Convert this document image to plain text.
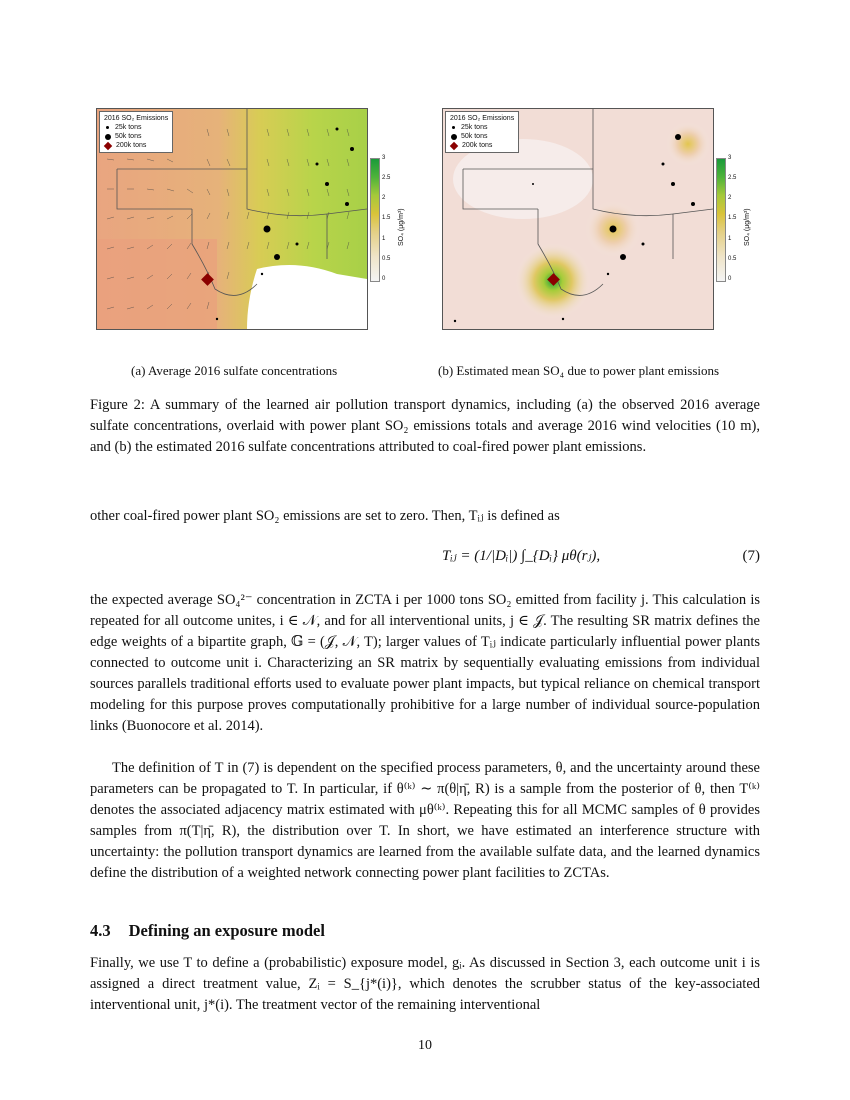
2016 SO₂ Emissions
25k tons
50k tons
200k tons
3
2.5
2
1.5
1
0.5
0
SO₄ (μg/m³)
2016 SO₂ Emissions
25k tons
50k tons
200k tons
3
2.5
2
1.5
1
0.5
0
SO₄ (μg/m³)
(a) Average 2016 sulfate concentrations	(b) Estimated mean SO₄ due to power plant emissions

Figure 2: A summary of the learned air pollution transport dynamics, including (a) the observed 2016 average sulfate concentrations, overlaid with power plant SO₂ emissions totals and average 2016 wind velocities (10 m), and (b) the estimated 2016 sulfate concentrations attributed to coal-fired power plant emissions.

other coal-fired power plant SO₂ emissions are set to zero. Then, Tᵢⱼ is defined as

Tᵢⱼ = (1/|Dᵢ|) ∫_{Dᵢ} μθ(rⱼ),	(7)

the expected average SO₄²⁻ concentration in ZCTA i per 1000 tons SO₂ emitted from facility j. This calculation is repeated for all outcome unites, i ∈ 𝒩, and for all interventional units, j ∈ 𝒥. The resulting SR matrix defines the edge weights of a bipartite graph, 𝔾 = (𝒥, 𝒩, T); larger values of Tᵢⱼ indicate particularly influential power plants connected to outcome unit i. Characterizing an SR matrix by sequentially evaluating emissions from individual sources parallels traditional efforts used to evaluate power plant impacts, but typical reliance on chemical transport modeling for this purpose proves computationally prohibitive for a large number of individual source-population links (Buonocore et al. 2014).

The definition of T in (7) is dependent on the specified process parameters, θ, and the uncertainty around these parameters can be propagated to T. In particular, if θ⁽ᵏ⁾ ∼ π(θ|η̄, R) is a sample from the posterior of θ, then T⁽ᵏ⁾ denotes the associated adjacency matrix estimated with μθ⁽ᵏ⁾. Repeating this for all MCMC samples of θ provides samples from π(T|η̄, R), the distribution over T. In short, we have estimated an interference structure with uncertainty: the pollution transport dynamics are learned from the available sulfate data, and the learned dynamics define the distribution of a weighted network connecting power plant facilities to ZCTAs.

4.3 Defining an exposure model

Finally, we use T to define a (probabilistic) exposure model, gᵢ. As discussed in Section 3, each outcome unit i is assigned a direct treatment value, Zᵢ = S_{j*(i)}, which denotes the scrubber status of the key-associated interventional unit, j*(i). The treatment vector of the remaining interventional

10
